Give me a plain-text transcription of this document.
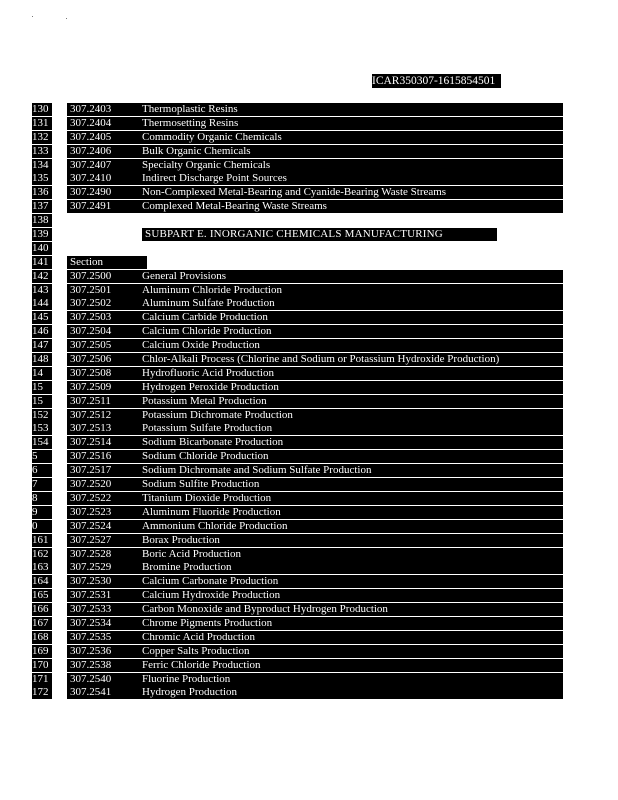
ICAR350307-1615854501
130	307.2403	Thermoplastic Resins
131	307.2404	Thermosetting Resins
132	307.2405	Commodity Organic Chemicals
133	307.2406	Bulk Organic Chemicals
134	307.2407	Specialty Organic Chemicals
135	307.2410	Indirect Discharge Point Sources
136	307.2490	Non-Complexed Metal-Bearing and Cyanide-Bearing Waste Streams
137	307.2491	Complexed Metal-Bearing Waste Streams
138
139	SUBPART E. INORGANIC CHEMICALS MANUFACTURING
140
141	Section
142	307.2500	General Provisions
143	307.2501	Aluminum Chloride Production
144	307.2502	Aluminum Sulfate Production
145	307.2503	Calcium Carbide Production
146	307.2504	Calcium Chloride Production
147	307.2505	Calcium Oxide Production
148	307.2506	Chlor-Alkali Process (Chlorine and Sodium or Potassium Hydroxide Production)
14	307.2508	Hydrofluoric Acid Production
15	307.2509	Hydrogen Peroxide Production
15	307.2511	Potassium Metal Production
152	307.2512	Potassium Dichromate Production
153	307.2513	Potassium Sulfate Production
154	307.2514	Sodium Bicarbonate Production
5	307.2516	Sodium Chloride Production
6	307.2517	Sodium Dichromate and Sodium Sulfate Production
7	307.2520	Sodium Sulfite Production
8	307.2522	Titanium Dioxide Production
9	307.2523	Aluminum Fluoride Production
0	307.2524	Ammonium Chloride Production
161	307.2527	Borax Production
162	307.2528	Boric Acid Production
163	307.2529	Bromine Production
164	307.2530	Calcium Carbonate Production
165	307.2531	Calcium Hydroxide Production
166	307.2533	Carbon Monoxide and Byproduct Hydrogen Production
167	307.2534	Chrome Pigments Production
168	307.2535	Chromic Acid Production
169	307.2536	Copper Salts Production
170	307.2538	Ferric Chloride Production
171	307.2540	Fluorine Production
172	307.2541	Hydrogen Production
